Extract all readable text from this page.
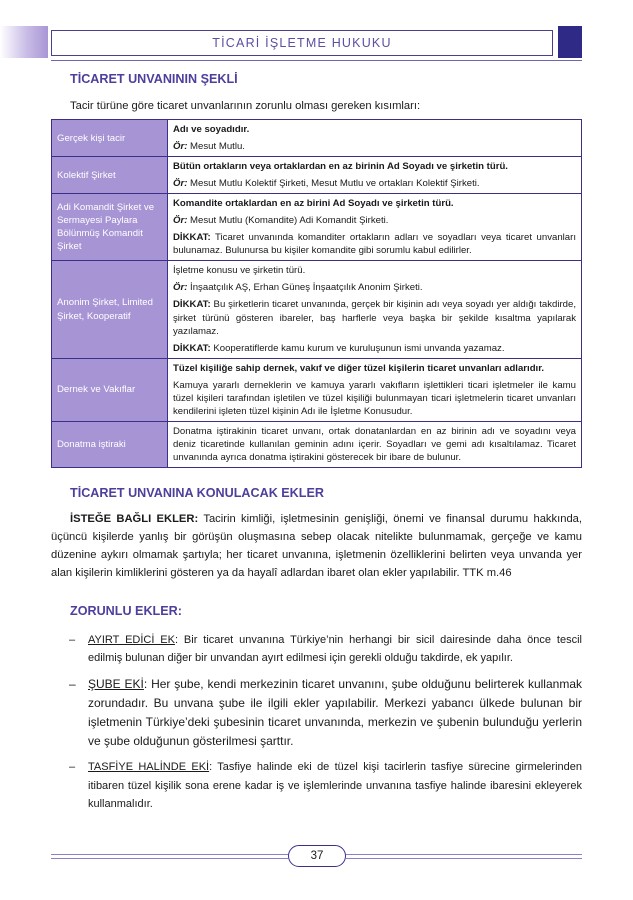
TİCARİ İŞLETME HUKUKU
TİCARET UNVANININ ŞEKLİ
Tacir türüne göre ticaret unvanlarının zorunlu olması gereken kısımları:
Gerçek kişi tacir	Adı ve soyadıdır.

Ör: Mesut Mutlu.

Kolektif Şirket	Bütün ortakların veya ortaklardan en az birinin Ad Soyadı ve şirketin türü.

Ör: Mesut Mutlu Kolektif Şirketi, Mesut Mutlu ve ortakları Kolektif Şirketi.

Adi Komandit Şirket ve Sermayesi Paylara Bölünmüş Komandit Şirket	Komandite ortaklardan en az birini Ad Soyadı ve şirketin türü.

Ör: Mesut Mutlu (Komandite) Adi Komandit Şirketi.

DİKKAT: Ticaret unvanında komanditer ortakların adları ve soyadları veya ticaret unvanları bulunamaz. Bulunursa bu kişiler komandite gibi sorumlu kabul edilirler.

Anonim Şirket, Limited Şirket, Kooperatif	İşletme konusu ve şirketin türü.

Ör: İnşaatçılık AŞ, Erhan Güneş İnşaatçılık Anonim Şirketi.

DİKKAT: Bu şirketlerin ticaret unvanında, gerçek bir kişinin adı veya soyadı yer aldığı takdirde, şirket türünü gösteren ibareler, baş harflerle veya başka bir şekilde kısaltma yapılarak yazılamaz.

DİKKAT: Kooperatiflerde kamu kurum ve kuruluşunun ismi unvanda yazamaz.

Dernek ve Vakıflar	Tüzel kişiliğe sahip dernek, vakıf ve diğer tüzel kişilerin ticaret unvanları adlarıdır.

Kamuya yararlı derneklerin ve kamuya yararlı vakıfların işlettikleri ticari işletmeler ile kamu tüzel kişileri tarafından işletilen ve tüzel kişiliği bulunmayan ticari işletmelerin ticaret unvanları kendilerini işleten tüzel kişinin Adı ile İşletme Konusudur.

Donatma iştiraki	Donatma iştirakinin ticaret unvanı, ortak donatanlardan en az birinin adı ve soyadını veya deniz ticaretinde kullanılan geminin adını içerir. Soyadları ve gemi adı kısaltılamaz. Ticaret unvanında ayrıca donatma iştirakini gösterecek bir ibare de bulunur.

TİCARET UNVANINA KONULACAK EKLER
İSTEĞE BAĞLI EKLER: Tacirin kimliği, işletmesinin genişliği, önemi ve finansal durumu hakkında, üçüncü kişilerde yanlış bir görüşün oluşmasına sebep olacak nitelikte bulunmamak, gerçeğe ve kamu düzenine aykırı olmamak şartıyla; her ticaret unvanına, işletmenin özelliklerini belirten veya unvanda yer alan kişilerin kimliklerini gösteren ya da hayalî adlardan ibaret olan ekler yapılabilir. TTK m.46
ZORUNLU EKLER:
– AYIRT EDİCİ EK: Bir ticaret unvanına Türkiye’nin herhangi bir sicil dairesinde daha önce tescil edilmiş bulunan diğer bir unvandan ayırt edilmesi için gerekli olduğu takdirde, ek yapılır.
– ŞUBE EKİ: Her şube, kendi merkezinin ticaret unvanını, şube olduğunu belirterek kullanmak zorundadır. Bu unvana şube ile ilgili ekler yapılabilir. Merkezi yabancı ülkede bulunan bir işletmenin Türkiye’deki şubesinin ticaret unvanında, merkezin ve şubenin bulunduğu yerlerin ve şube olduğunun gösterilmesi şarttır.
– TASFİYE HALİNDE EKİ: Tasfiye halinde eki de tüzel kişi tacirlerin tasfiye sürecine girmelerinden itibaren tüzel kişilik sona erene kadar iş ve işlemlerinde unvanına tasfiye halinde ibaresini ekleyerek kullanmalıdır.
37
